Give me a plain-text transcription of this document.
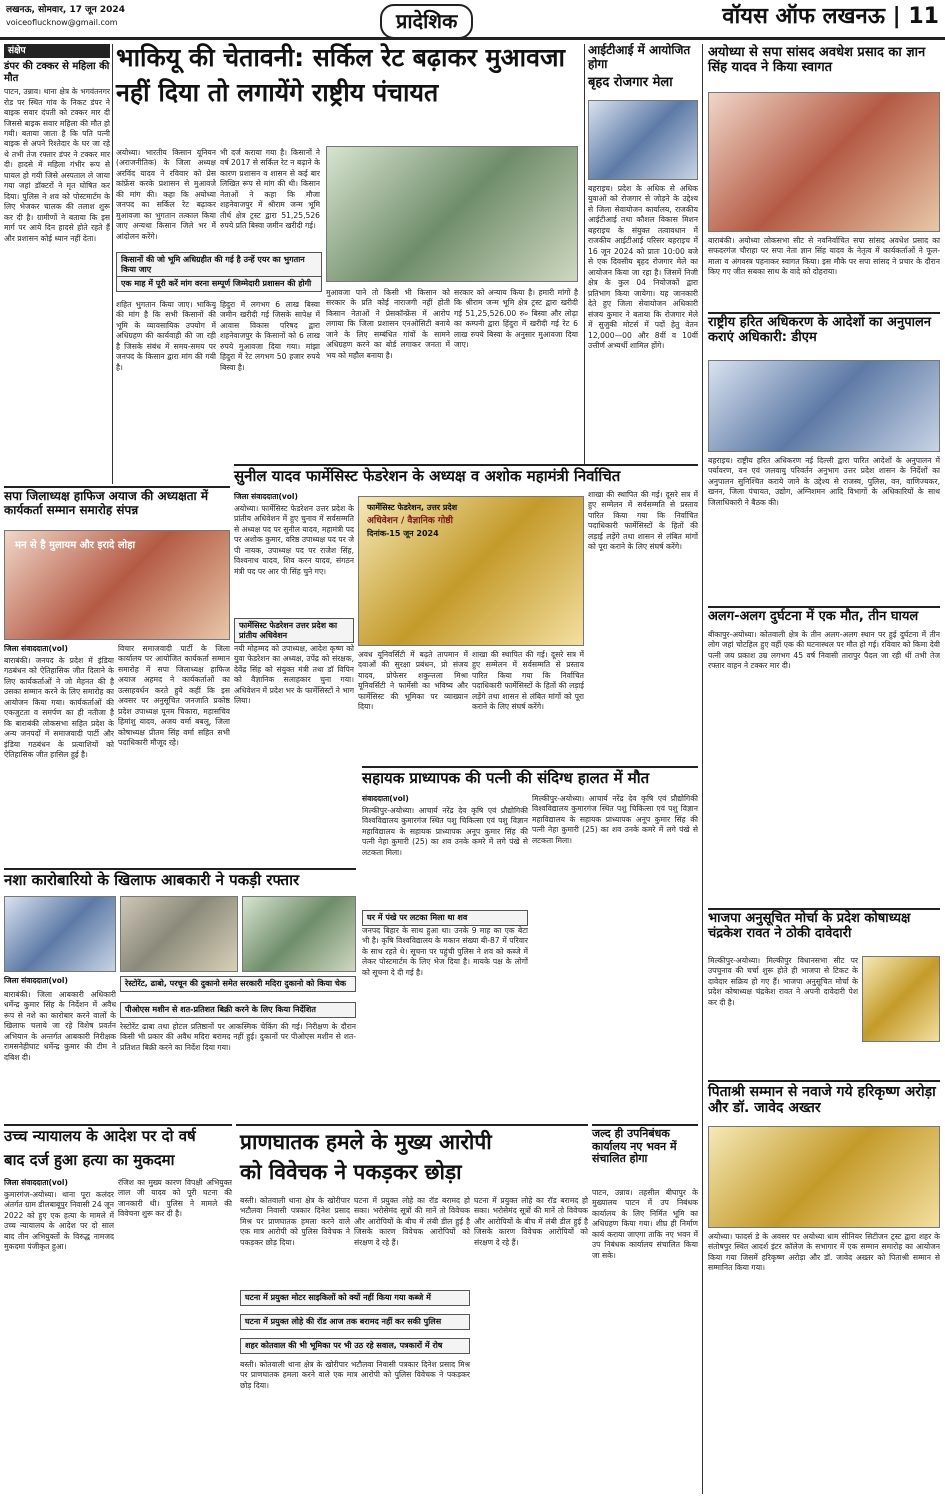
लखनऊ, सोमवार, 17 जून 2024
voiceoflucknow@gmail.com	प्रादेशिक	वॉयस ऑफ लखनऊ | 11
संक्षेप
डंपर की टक्कर से महिला की मौत
पाटन, उन्नाव। थाना क्षेत्र के भगवंतनगर रोड पर स्थित गांव के निकट डंपर ने बाइक सवार दंपती को टक्कर मार दी जिससे बाइक सवार महिला की मौत हो गयी। बताया जाता है कि पति पत्नी बाइक से अपने रिश्तेदार के घर जा रहे थे तभी तेज रफ्तार डंपर ने टक्कर मार दी। हादसे में महिला गंभीर रूप से घायल हो गयी जिसे अस्पताल ले जाया गया जहां डॉक्टरों ने मृत घोषित कर दिया। पुलिस ने शव को पोस्टमार्टम के लिए भेजकर चालक की तलाश शुरू कर दी है। ग्रामीणों ने बताया कि इस मार्ग पर आये दिन हादसे होते रहते हैं और प्रशासन कोई ध्यान नहीं देता।
भाकियू की चेतावनी: सर्किल रेट बढ़ाकर मुआवजा
नहीं दिया तो लगायेंगे राष्ट्रीय पंचायत
अयोध्या। भारतीय किसान यूनियन (अराजनीतिक) के जिला अध्यक्ष अरविंद यादव ने रविवार को प्रेस कांफ्रेंस करके प्रशासन से मुआवजे की मांग की। कहा कि अयोध्या जनपद का सर्किल रेट बढ़ाकर मुआवजा का भुगतान तत्काल किया जाए अन्यथा किसान जिले भर में आंदोलन करेंगे।
भी दर्ज कराया गया है। किसानों ने वर्ष 2017 से सर्किल रेट न बढ़ाने के कारण प्रशासन व शासन से कई बार लिखित रूप से मांग की थी। किसान नेताओं ने कहा कि मौजा शहनेवाजपुर में श्रीराम जन्म भूमि तीर्थ क्षेत्र ट्रस्ट द्वारा 51,25,526 रुपये प्रति बिस्वा जमीन खरीदी गई।
किसानों की जो भूमि अधिग्रहीत की गई है उन्हें एयर का भुगतान किया जाए
एक माह में पूरी करें मांग वरना सम्पूर्ण जिम्मेदारी प्रशासन की होगी
शहित भुगतान किया जाए। भाकियू की मांग है कि सभी किसानों की भूमि के व्यावसायिक उपयोग में अधिग्रहण की कार्यवाही की जा रही है जिसके संबंध में समय-समय पर जनपद के किसान द्वारा मांग की गयी है।
हिदुरा में लगभग 6 लाख बिस्वा जमीन खरीदी गई जिसके सापेक्ष में आवास विकास परिषद द्वारा शहनेवाजपुर के किसानों को 6 लाख रुपये मुआवजा दिया गया। मांझा हिदुरा में रेट लगभग 50 हजार रुपये बिस्वा है।
मुआवजा पाने तो किसी भी किसान को सरकार के प्रति कोई नाराजगी नहीं होती किसान नेताओं ने प्रेसकॉन्फ्रेंस में आरोप लगाया कि जिला प्रशासन एनओसिटी बनाये जाने के लिए सम्बंधित गांवों के सामने अधिग्रहण करने का बोर्ड लगाकर जनता में भय को महौल बनाया है।
सरकार को अन्याय किया है। हमारी मांगों है कि श्रीराम जन्म भूमि क्षेत्र ट्रस्ट द्वारा खरीदी गई 51,25,526.00 रु० बिस्वा और लोढ़ा का कम्पनी द्वारा हिंदुरा में खरीदी गई रेट 6 लाख रुपये बिस्वा के अनुसार मुआवजा दिया जाए।
आईटीआई में आयोजित होगा
बृहद रोजगार मेला
बहराइच। प्रदेश के अधिक से अधिक युवाओं को रोजगार से जोड़ने के उद्देश्य से जिला सेवायोजन कार्यालय, राजकीय आईटीआई तथा कौशल विकास मिशन बहराइच के संयुक्त तत्वावधान में राजकीय आईटीआई परिसर बहराइच में 16 जून 2024 को प्रातः 10:00 बजे से एक दिवसीय बृहद रोजगार मेले का आयोजन किया जा रहा है। जिसमें निजी क्षेत्र के कुल 04 नियोजकों द्वारा प्रतिभाग किया जायेगा। यह जानकारी देते हुए जिला सेवायोजन अधिकारी संजय कुमार ने बताया कि रोजगार मेले में सुजुकी मोटर्स में पदों हेतु वेतन 12,000—00 और 8वीं व 10वीं उत्तीर्ण अभ्यर्थी शामिल होंगे।
अयोध्या से सपा सांसद अवधेश प्रसाद का ज्ञान सिंह यादव ने किया स्वागत
बाराबंकी। अयोध्या लोकसभा सीट से नवनिर्वाचित सपा सांसद अवधेश प्रसाद का सफदरगंज चौराहा पर सपा नेता ज्ञान सिंह यादव के नेतृत्व में कार्यकर्ताओं ने फूल-माला व अंगवस्त्र पहनाकर स्वागत किया। इस मौके पर सपा सांसद ने प्रचार के दौरान किए गए जीत सबका साथ के वादे को दोहराया।
राष्ट्रीय हरित अधिकरण के आदेशों का अनुपालन कराएं अधिकारी: डीएम
बहराइच। राष्ट्रीय हरित अधिकरण नई दिल्ली द्वारा पारित आदेशों के अनुपालन में पर्यावरण, वन एवं जलवायु परिवर्तन अनुभाग उत्तर प्रदेश शासन के निर्देशों का अनुपालन सुनिश्चित कराये जाने के उद्देश्य से राजस्व, पुलिस, वन, वाणिज्यकर, खनन, जिला पंचायत, उद्योग, अग्निशमन आदि विभागों के अधिकारियों के साथ जिलाधिकारी ने बैठक की।
अलग-अलग दुर्घटना में एक मौत, तीन घायल
बीकापुर-अयोध्या। कोतवाली क्षेत्र के तीन अलग-अलग स्थान पर हुई दुर्घटना में तीन लोग जहां चोटहिल हुए वहीं एक की घटनास्थल पर मौत हो गई। रविवार को किमा देवी पत्नी जय प्रकाश उम्र लगभग 45 वर्ष निवासी तारापुर पैदल जा रही थीं तभी तेज रफ्तार वाहन ने टक्कर मार दी।
भाजपा अनुसूचित मोर्चा के प्रदेश कोषाध्यक्ष चंद्रकेश रावत ने ठोकी दावेदारी
मिल्कीपुर-अयोध्या। मिल्कीपुर विधानसभा सीट पर उपचुनाव की चर्चा शुरू होते ही भाजपा से टिकट के दावेदार सक्रिय हो गए हैं। भाजपा अनुसूचित मोर्चा के प्रदेश कोषाध्यक्ष चंद्रकेश रावत ने अपनी दावेदारी पेश कर दी है।
पिताश्री सम्मान से नवाजे गये हरिकृष्ण अरोड़ा और डॉ. जावेद अख्तर
अयोध्या। फादर्स डे के अवसर पर अयोध्या धाम सीनियर सिटीजन ट्रस्ट द्वारा शहर के संतोषपुर स्थित आदर्श इंटर कॉलेज के सभागार में एक सम्मान समारोह का आयोजन किया गया जिसमें हरिकृष्ण अरोड़ा और डॉ. जावेद अख्तर को पिताश्री सम्मान से सम्मानित किया गया।
सपा जिलाध्यक्ष हाफिज अयाज की अध्यक्षता में कार्यकर्ता सम्मान समारोह संपन्न
मन से है मुलायम और इरादे लोहा
जिला संवाददाता(vol)
बाराबंकी। जनपद के प्रदेश में इंडिया गठबंधन को ऐतिहासिक जीत दिलाने के लिए कार्यकर्ताओं ने जो मेहनत की है उसका सम्मान करने के लिए समारोह का आयोजन किया गया। कार्यकर्ताओं की एकजुटता व समर्पण का ही नतीजा है कि बाराबंकी लोकसभा सहित प्रदेश के अन्य जनपदों में समाजवादी पार्टी और इंडिया गठबंधन के प्रत्याशियों को ऐतिहासिक जीत हासिल हुई है।
विचार समाजवादी पार्टी के जिला कार्यालय पर आयोजित कार्यकर्ता सम्मान समारोह में सपा जिलाध्यक्ष हाफिज अयाज अहमद ने कार्यकर्ताओं का उत्साहवर्धन करते हुये कहीं कि इस अवसर पर अनुसूचित जनजाति प्रकोष्ठ प्रदेश उपाध्यक्ष पूनम चिकारा, महासचिव हिमांशु यादव, अजय वर्मा बबलू, जिला कोषाध्यक्ष प्रीतम सिंह वर्मा सहित सभी पदाधिकारी मौजूद रहे।
सुनील यादव फार्मेसिस्ट फेडरेशन के अध्यक्ष व अशोक महामंत्री निर्वाचित
जिला संवाददाता(vol)
अयोध्या। फार्मेसिस्ट फेडरेशन उत्तर प्रदेश के प्रांतीय अधिवेशन में हुए चुनाव में सर्वसम्मति से अध्यक्ष पद पर सुनील यादव, महामंत्री पद पर अशोक कुमार, वरिष्ठ उपाध्यक्ष पद पर जे पी नायक, उपाध्यक्ष पद पर राजेश सिंह, विश्वनाथ यादव, शिव करन यादव, संगठन मंत्री पद पर आर पी सिंह चुने गए।
फार्मेसिस्ट फेडरेशन, उत्तर प्रदेश
अधिवेशन / वैज्ञानिक गोष्ठी
दिनांक-15 जून 2024
फार्मेसिस्ट फेडरेशन उत्तर प्रदेश का प्रांतीय अधिवेशन
नयी मोहम्मद को उपाध्यक्ष, आदेश कृष्ण को युवा फेडरेशन का अध्यक्ष, उपेंद्र को संरक्षक, देवेंद्र सिंह को संयुक्त मंत्री तथा डॉ विपिन को वैज्ञानिक सलाहकार चुना गया। अधिवेशन में प्रदेश भर के फार्मेसिस्टों ने भाग लिया।
अवध यूनिवर्सिटी में बढ़ते तापमान में दवाओं की सुरक्षा प्रबंधन, प्रो संजय यादव, प्रोफेसर शकुन्तला मिश्रा यूनिवर्सिटी ने फार्मेसी का भविष्य और फार्मेसिस्ट की भूमिका पर व्याख्यान दिया।
शाखा की स्थापित की गई। दूसरे सत्र में हुए सम्मेलन में सर्वसम्मति से प्रस्ताव पारित किया गया कि निर्वाचित पदाधिकारी फार्मेसिस्टों के हितों की लड़ाई लड़ेंगे तथा शासन से लंबित मांगों को पूरा कराने के लिए संघर्ष करेंगे।
शाखा की स्थापित की गई। दूसरे सत्र में हुए सम्मेलन में सर्वसम्मति से प्रस्ताव पारित किया गया कि निर्वाचित पदाधिकारी फार्मेसिस्टों के हितों की लड़ाई लड़ेंगे तथा शासन से लंबित मांगों को पूरा कराने के लिए संघर्ष करेंगे।
नशा कारोबारियो के खिलाफ आबकारी ने पकड़ी रफ्तार
जिला संवाददाता(vol)
बाराबंकी। जिला आबकारी अधिकारी धर्मेन्द्र कुमार सिंह के निर्देशन में अवैध रूप से नशे का कारोबार करने वालों के खिलाफ चलाये जा रहे विशेष प्रवर्तन अभियान के अन्तर्गत आबकारी निरीक्षक रामसनेहीघाट धर्मेन्द्र कुमार की टीम ने दबिश दी।
रेस्टोरेंट, ढाबो, परचून की दुकानो समेत सरकारी मदिरा दुकानो को किया चेक
पीओएस मशीन से शत-प्रतिशत बिक्री करने के लिए किया निर्देशित
रेस्टोरेंट ढाबा तथा होटल प्रतिष्ठानों पर आकस्मिक चेकिंग की गई। निरीक्षण के दौरान किसी भी प्रकार की अवैध मदिरा बरामद नहीं हुई। दुकानों पर पीओएस मशीन से शत-प्रतिशत बिक्री करने का निर्देश दिया गया।
सहायक प्राध्यापक की पत्नी की संदिग्ध हालत में मौत
संवाददाता(vol)
मिल्कीपुर-अयोध्या। आचार्य नरेंद्र देव कृषि एवं प्रौद्योगिकी विश्वविद्यालय कुमारगंज स्थित पशु चिकित्सा एवं पशु विज्ञान महाविद्यालय के सहायक प्राध्यापक अनूप कुमार सिंह की पत्नी नेहा कुमारी (25) का शव उनके कमरे में लगे पंखे से लटकता मिला।
घर में पंखे पर लटका मिला था शव
जनपद बिहार के साथ हुआ था। उनके 9 माह का एक बेटा भी है। कृषि विश्वविद्यालय के मकान संख्या बी-87 में परिवार के साथ रहते थे। सूचना पर पहुंची पुलिस ने शव को कब्जे में लेकर पोस्टमार्टम के लिए भेज दिया है। मायके पक्ष के लोगों को सूचना दे दी गई है।
मिल्कीपुर-अयोध्या। आचार्य नरेंद्र देव कृषि एवं प्रौद्योगिकी विश्वविद्यालय कुमारगंज स्थित पशु चिकित्सा एवं पशु विज्ञान महाविद्यालय के सहायक प्राध्यापक अनूप कुमार सिंह की पत्नी नेहा कुमारी (25) का शव उनके कमरे में लगे पंखे से लटकता मिला।
उच्च न्यायालय के आदेश पर दो वर्ष
बाद दर्ज हुआ हत्या का मुकदमा
जिला संवाददाता(vol)
कुमारगंज-अयोध्या। थाना पूरा कलंदर अंतर्गत ग्राम डीलबाबूपुर निवासी 24 जून 2022 को हुए एक हत्या के मामले में उच्च न्यायालय के आदेश पर दो साल बाद तीन अभियुक्तों के विरुद्ध नामजद मुकदमा पंजीकृत हुआ।
रंजिश का मुख्य कारण विपक्षी अभियुक्त लाल जी यादव को पूरी घटना की जानकारी थी। पुलिस ने मामले की विवेचना शुरू कर दी है।
प्राणघातक हमले के मुख्य आरोपी
को विवेचक ने पकड़कर छोड़ा
बस्ती। कोतवाली थाना क्षेत्र के खोरीपार भटौलवा निवासी पत्रकार दिनेश प्रसाद मिश्र पर प्राणघातक हमला करने वाले एक मात्र आरोपी को पुलिस विवेचक ने पकड़कर छोड़ दिया।
घटना में प्रयुक्त मोटर साइकिलों को क्यों नहीं किया गया कब्जे में
घटना में प्रयुक्त लोहे की रॉड आज तक बरामद नहीं कर सकी पुलिस
शहर कोतवाल की भी भूमिका पर भी उठ रहे सवाल, पत्रकारों में रोष
घटना में प्रयुक्त लोहे का रॉड बरामद हो सका। भरोसेमंद सूत्रों की मानें तो विवेचक और आरोपियों के बीच में लंबी डील हुई है जिसके कारण विवेचक आरोपियों को संरक्षण दे रहे हैं।
बस्ती। कोतवाली थाना क्षेत्र के खोरीपार भटौलवा निवासी पत्रकार दिनेश प्रसाद मिश्र पर प्राणघातक हमला करने वाले एक मात्र आरोपी को पुलिस विवेचक ने पकड़कर छोड़ दिया।
घटना में प्रयुक्त लोहे का रॉड बरामद हो सका। भरोसेमंद सूत्रों की मानें तो विवेचक और आरोपियों के बीच में लंबी डील हुई है जिसके कारण विवेचक आरोपियों को संरक्षण दे रहे हैं।
जल्द ही उपनिबंधक कार्यालय नए भवन में संचालित होगा
पाटन, उन्नाव। तहसील बीघापुर के मुख्यालय पाटन में उप निबंधक कार्यालय के लिए निर्मित भूमि का अधिग्रहण किया गया। शीघ्र ही निर्माण कार्य कराया जाएगा ताकि नए भवन में उप निबंधक कार्यालय संचालित किया जा सके।
